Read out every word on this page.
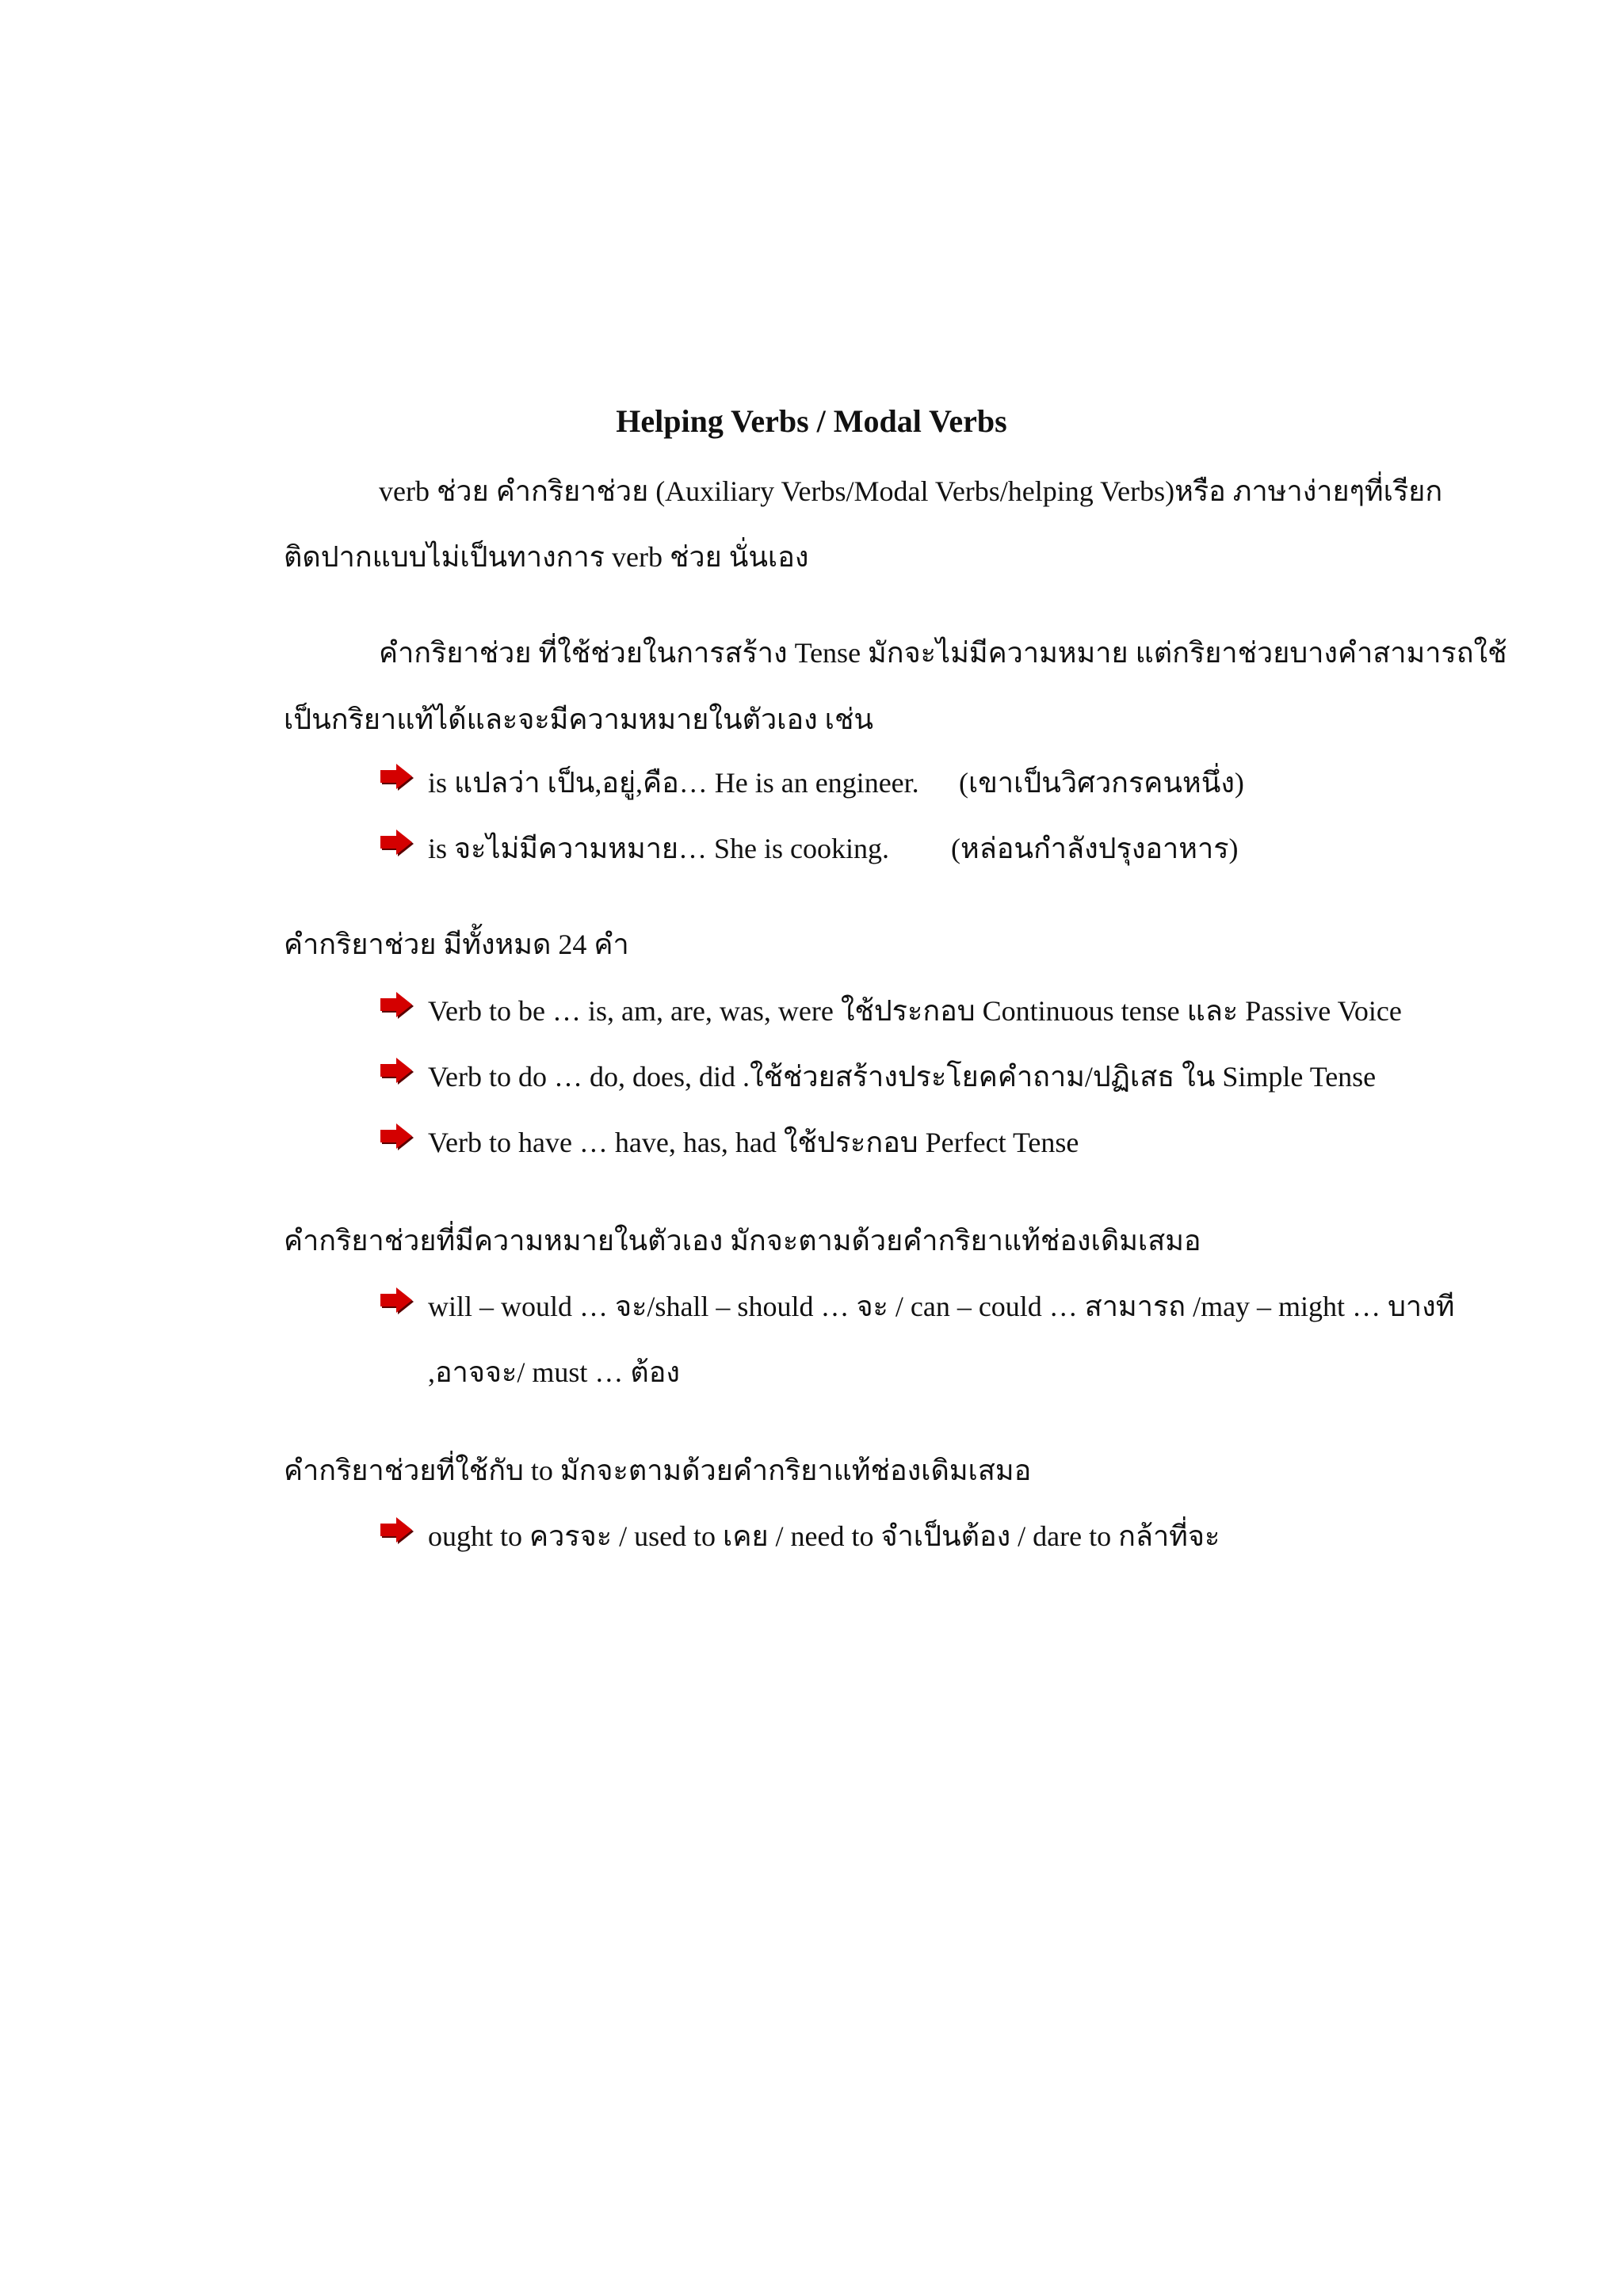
Helping Verbs / Modal Verbs
verb ช่วย คำกริยาช่วย (Auxiliary Verbs/Modal Verbs/helping Verbs)หรือ ภาษาง่ายๆที่เรียก
ติดปากแบบไม่เป็นทางการ verb ช่วย นั่นเอง
คำกริยาช่วย ที่ใช้ช่วยในการสร้าง Tense มักจะไม่มีความหมาย แต่กริยาช่วยบางคำสามารถใช้
เป็นกริยาแท้ได้และจะมีความหมายในตัวเอง เช่น
is แปลว่า เป็น,อยู่,คือ… He is an engineer. (เขาเป็นวิศวกรคนหนึ่ง)
is จะไม่มีความหมาย… She is cooking. (หล่อนกำลังปรุงอาหาร)
คำกริยาช่วย มีทั้งหมด 24 คำ
Verb to be … is, am, are, was, were ใช้ประกอบ Continuous tense และ Passive Voice
Verb to do … do, does, did .ใช้ช่วยสร้างประโยคคำถาม/ปฏิเสธ ใน Simple Tense
Verb to have … have, has, had ใช้ประกอบ Perfect Tense
คำกริยาช่วยที่มีความหมายในตัวเอง มักจะตามด้วยคำกริยาแท้ช่องเดิมเสมอ
will – would … จะ/shall – should … จะ / can – could … สามารถ /may – might … บางที
,อาจจะ/ must … ต้อง
คำกริยาช่วยที่ใช้กับ to มักจะตามด้วยคำกริยาแท้ช่องเดิมเสมอ
ought to ควรจะ / used to เคย / need to จำเป็นต้อง / dare to กล้าที่จะ
